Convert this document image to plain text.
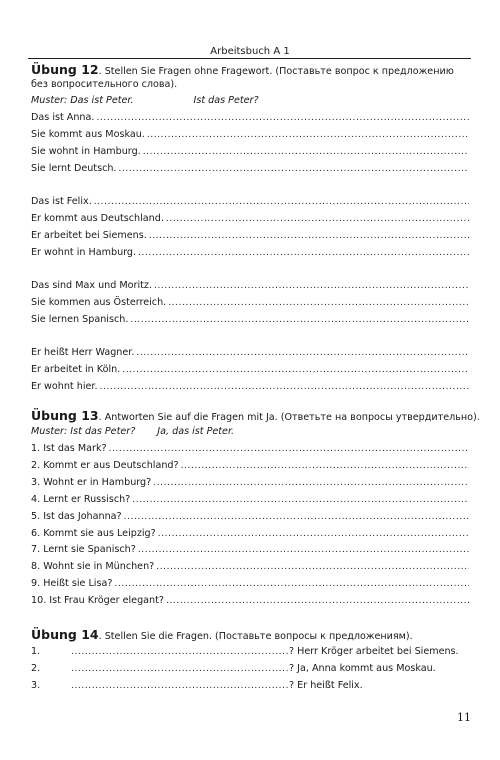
Arbeitsbuch A 1
Übung 12 . Stellen Sie Fragen ohne Fragewort. (Поставьте вопрос к предложению
без вопросительного слова).
Muster: Das ist Peter.	Ist das Peter?
Das ist Anna.
.....
Sie kommt aus Moskau.
.....
Sie wohnt in Hamburg.
.....
Sie lernt Deutsch.
.....
Das ist Felix.
.....
Er kommt aus Deutschland.
.....
Er arbeitet bei Siemens.
.....
Er wohnt in Hamburg.
.....
Das sind Max und Moritz.
.....
Sie kommen aus Österreich.
.....
Sie lernen Spanisch.
.....
Er heißt Herr Wagner.
.....
Er arbeitet in Köln.
.....
Er wohnt hier.
.....
Übung 13 . Antworten Sie auf die Fragen mit Ja. (Ответьте на вопросы утвердительно).
Muster: Ist das Peter? Ja, das ist Peter.
1. Ist das Mark?
.....
2. Kommt er aus Deutschland?
.....
3. Wohnt er in Hamburg?
.....
4. Lernt er Russisch?
.....
5. Ist das Johanna?
.....
6. Kommt sie aus Leipzig?
.....
7. Lernt sie Spanisch?
.....
8. Wohnt sie in München?
.....
9. Heißt sie Lisa?
.....
10. Ist Frau Kröger elegant?
.....
Übung 14 . Stellen Sie die Fragen. (Поставьте вопросы к предложениям).
1. .....	? Herr Kröger arbeitet bei Siemens.
2. .....	? Ja, Anna kommt aus Moskau.
3. .....	? Er heißt Felix.
11
